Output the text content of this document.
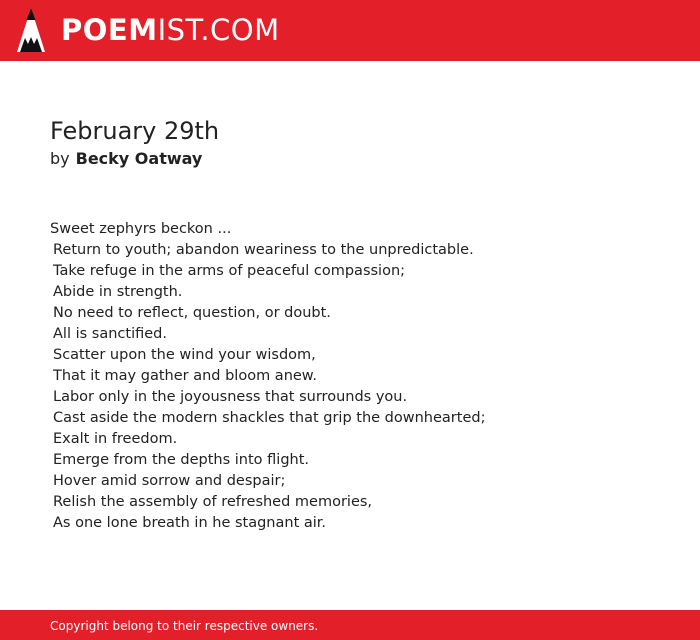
POEMIST.COM
February 29th
by Becky Oatway
Sweet zephyrs beckon ...
Return to youth; abandon weariness to the unpredictable.
Take refuge in the arms of peaceful compassion;
Abide in strength.
No need to reflect, question, or doubt.
All is sanctified.
Scatter upon the wind your wisdom,
That it may gather and bloom anew.
Labor only in the joyousness that surrounds you.
Cast aside the modern shackles that grip the downhearted;
Exalt in freedom.
Emerge from the depths into flight.
Hover amid sorrow and despair;
Relish the assembly of refreshed memories,
As one lone breath in he stagnant air.
Copyright belong to their respective owners.
